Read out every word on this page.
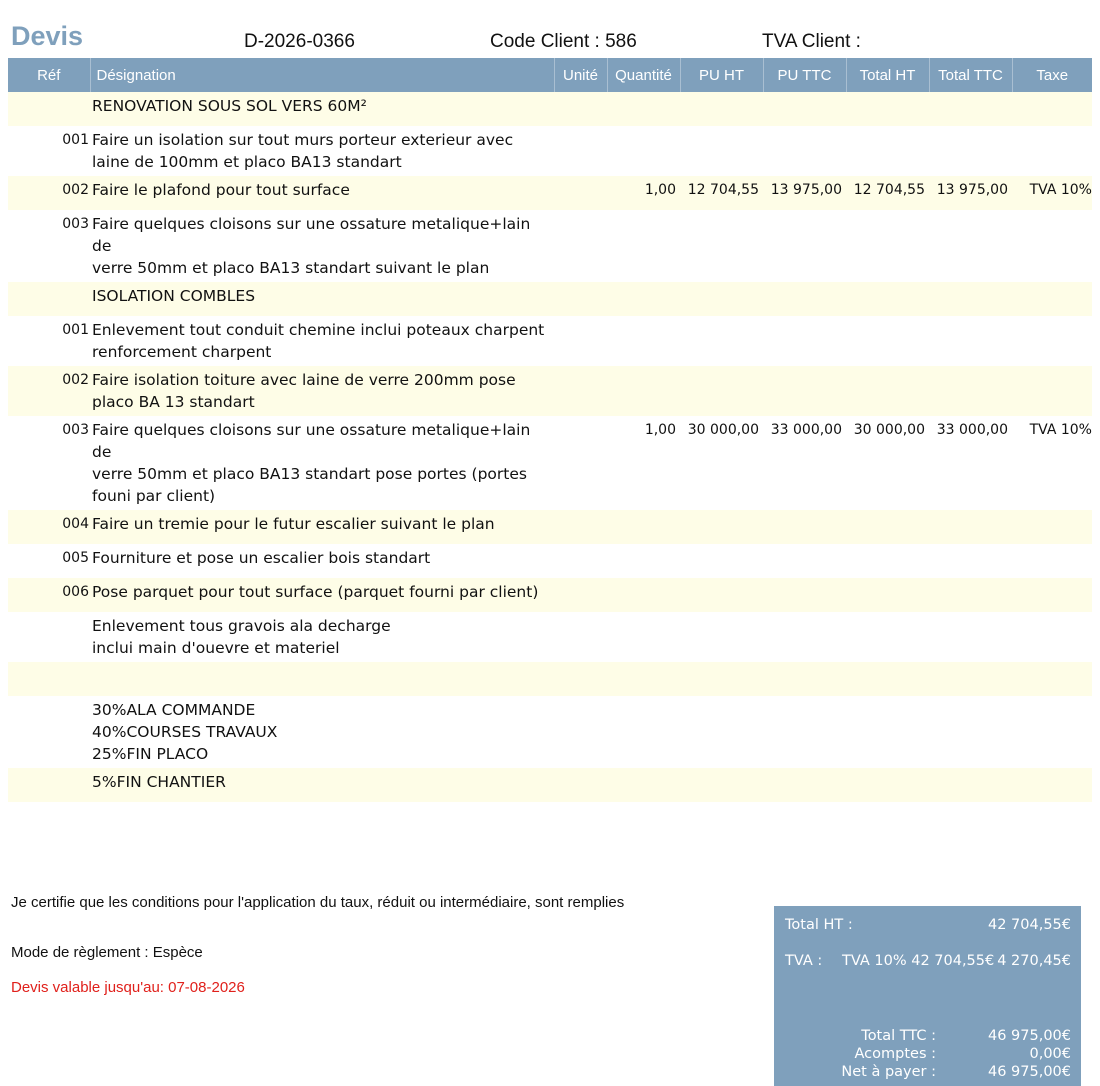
Devis	D-2026-0366	Code Client : 586	TVA Client :
Réf	Désignation	Unité	Quantité	PU HT	PU TTC	Total HT	Total TTC	Taxe
	RENOVATION SOUS SOL VERS 60M²							
001	Faire un isolation sur tout murs porteur exterieur avec
laine de 100mm et placo BA13 standart							
002	Faire le plafond pour tout surface		1,00	12 704,55	13 975,00	12 704,55	13 975,00	TVA 10%
003	Faire quelques cloisons sur une ossature metalique+lain de
verre 50mm et placo BA13 standart suivant le plan							
	ISOLATION COMBLES							
001	Enlevement tout conduit chemine inclui poteaux charpent
renforcement charpent							
002	Faire isolation toiture avec laine de verre 200mm pose
placo BA 13 standart							
003	Faire quelques cloisons sur une ossature metalique+lain de
verre 50mm et placo BA13 standart pose portes (portes
founi par client)		1,00	30 000,00	33 000,00	30 000,00	33 000,00	TVA 10%
004	Faire un tremie pour le futur escalier suivant le plan							
005	Fourniture et pose un escalier bois standart							
006	Pose parquet pour tout surface (parquet fourni par client)							
	Enlevement tous gravois ala decharge
inclui main d'ouevre et materiel							

	30%ALA COMMANDE
40%COURSES TRAVAUX
25%FIN PLACO							
	5%FIN CHANTIER							
Je certifie que les conditions pour l'application du taux, réduit ou intermédiaire, sont remplies
Mode de règlement : Espèce
Devis valable jusqu'au: 07-08-2026
Total HT :	42 704,55€
TVA : TVA 10% 42 704,55€ 4 270,45€
Total TTC :	46 975,00€
Acomptes :	0,00€
Net à payer :	46 975,00€
